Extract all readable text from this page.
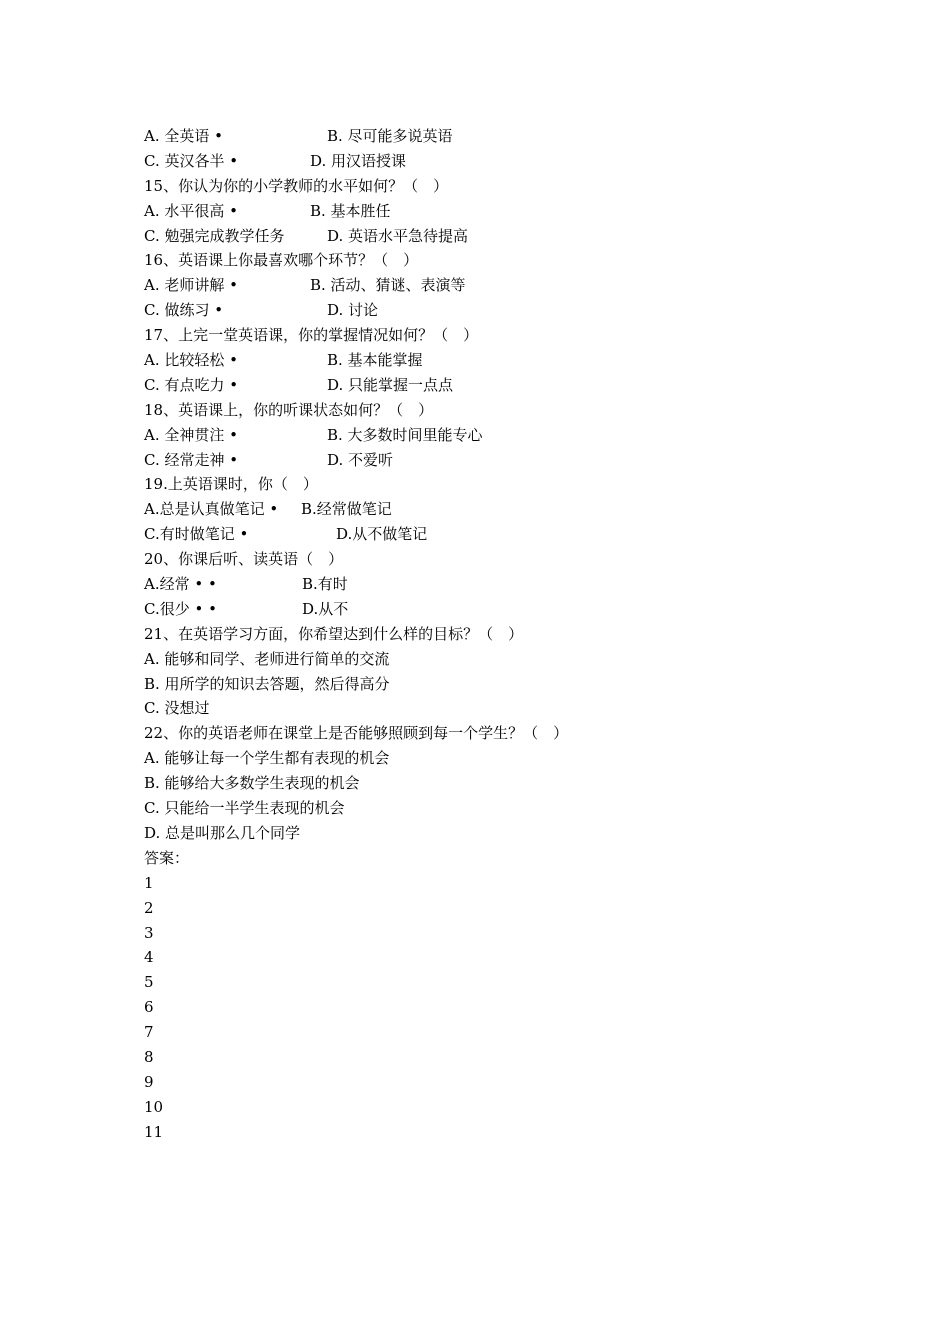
A. 全英语 •	B. 尽可能多说英语
C. 英汉各半 •	D. 用汉语授课
15、你认为你的小学教师的水平如何？（　）
A. 水平很高 •	B. 基本胜任
C. 勉强完成教学任务	D. 英语水平急待提高
16、英语课上你最喜欢哪个环节？（　）
A. 老师讲解 •	B. 活动、猜谜、表演等
C. 做练习 •	D. 讨论
17、上完一堂英语课，你的掌握情况如何？（　）
A. 比较轻松 •	B. 基本能掌握
C. 有点吃力 •	D. 只能掌握一点点
18、英语课上，你的听课状态如何？（　）
A. 全神贯注 •	B. 大多数时间里能专心
C. 经常走神 •	D. 不爱听
19.上英语课时，你（　）
A.总是认真做笔记 • B.经常做笔记
C.有时做笔记 •	D.从不做笔记
20、你课后听、读英语（　）
A.经常 • •	B.有时
C.很少 • •	D.从不
21、在英语学习方面，你希望达到什么样的目标？（　）
A. 能够和同学、老师进行简单的交流
B. 用所学的知识去答题，然后得高分
C. 没想过
22、你的英语老师在课堂上是否能够照顾到每一个学生？（　）
A. 能够让每一个学生都有表现的机会
B. 能够给大多数学生表现的机会
C. 只能给一半学生表现的机会
D. 总是叫那么几个同学
答案：
1
2
3
4
5
6
7
8
9
10
11
